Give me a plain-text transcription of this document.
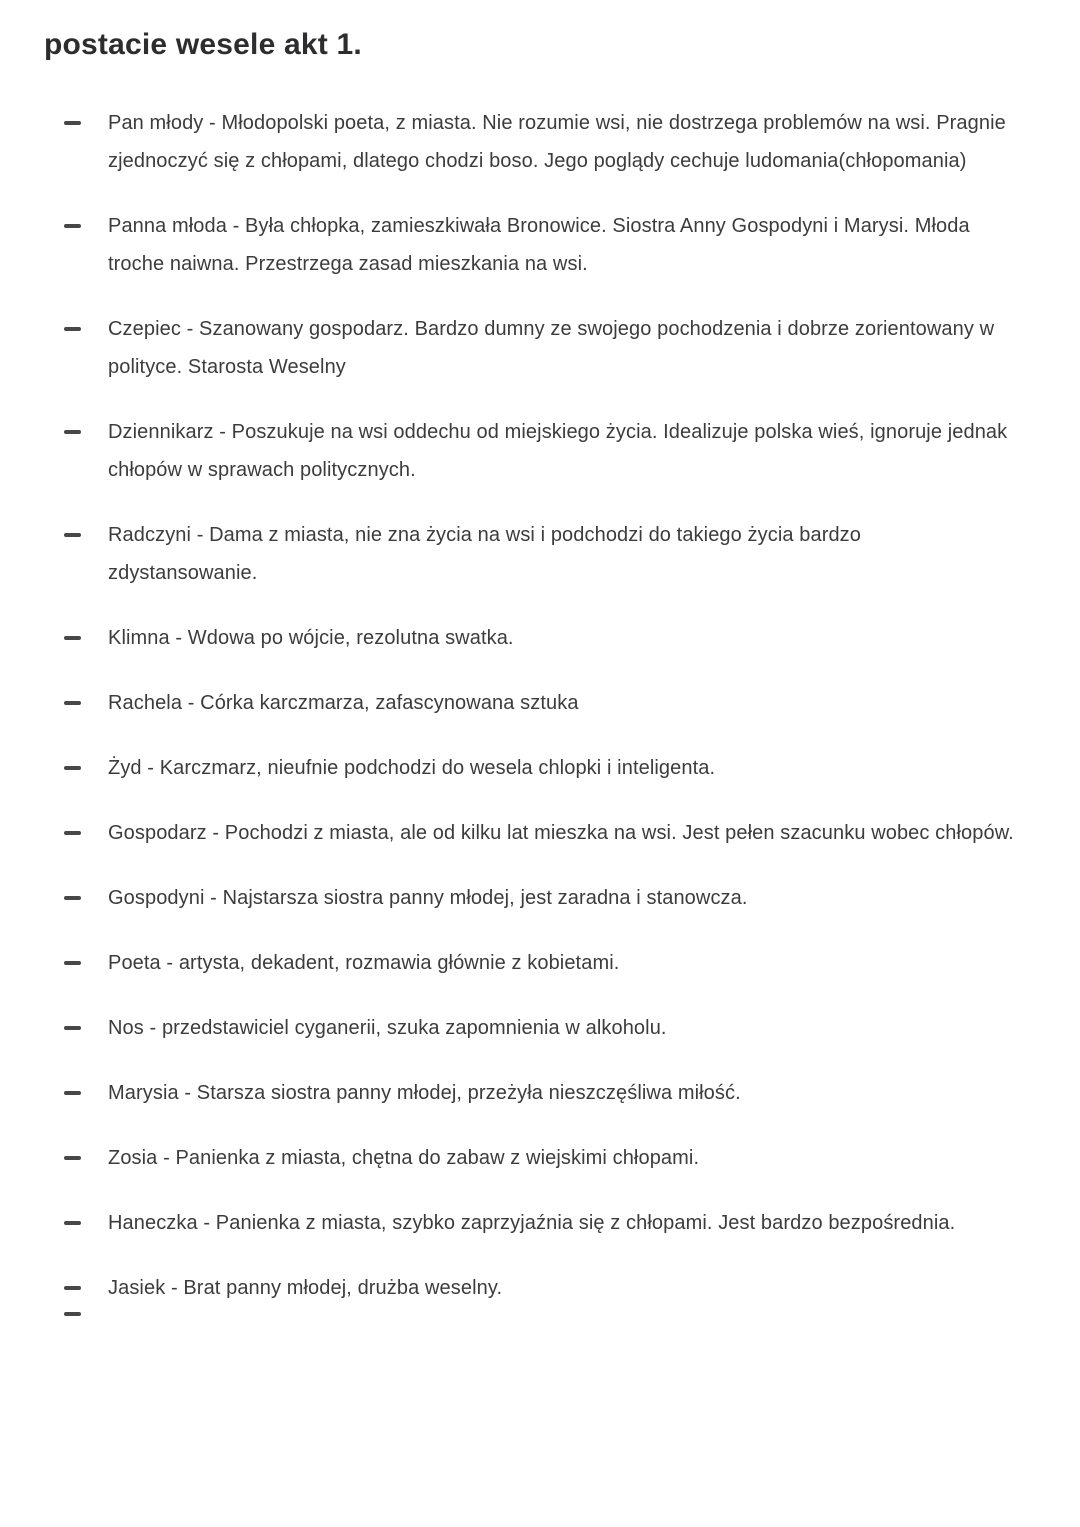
postacie wesele akt 1.
Pan młody - Młodopolski poeta, z miasta. Nie rozumie wsi, nie dostrzega problemów na wsi. Pragnie zjednoczyć się z chłopami, dlatego chodzi boso. Jego poglądy cechuje ludomania(chłopomania)
Panna młoda - Była chłopka, zamieszkiwała Bronowice. Siostra Anny Gospodyni i Marysi. Młoda troche naiwna. Przestrzega zasad mieszkania na wsi.
Czepiec - Szanowany gospodarz. Bardzo dumny ze swojego pochodzenia i dobrze zorientowany w polityce. Starosta Weselny
Dziennikarz - Poszukuje na wsi oddechu od miejskiego życia. Idealizuje polska wieś, ignoruje jednak chłopów w sprawach politycznych.
Radczyni - Dama z miasta, nie zna życia na wsi i podchodzi do takiego życia bardzo zdystansowanie.
Klimna - Wdowa po wójcie, rezolutna swatka.
Rachela - Córka karczmarza, zafascynowana sztuka
Żyd - Karczmarz, nieufnie podchodzi do wesela chlopki i inteligenta.
Gospodarz - Pochodzi z miasta, ale od kilku lat mieszka na wsi. Jest pełen szacunku wobec chłopów.
Gospodyni - Najstarsza siostra panny młodej, jest zaradna i stanowcza.
Poeta - artysta, dekadent, rozmawia głównie z kobietami.
Nos - przedstawiciel cyganerii, szuka zapomnienia w alkoholu.
Marysia - Starsza siostra panny młodej, przeżyła nieszczęśliwa miłość.
Zosia - Panienka z miasta, chętna do zabaw z wiejskimi chłopami.
Haneczka - Panienka z miasta, szybko zaprzyjaźnia się z chłopami. Jest bardzo bezpośrednia.
Jasiek - Brat panny młodej, drużba weselny.
